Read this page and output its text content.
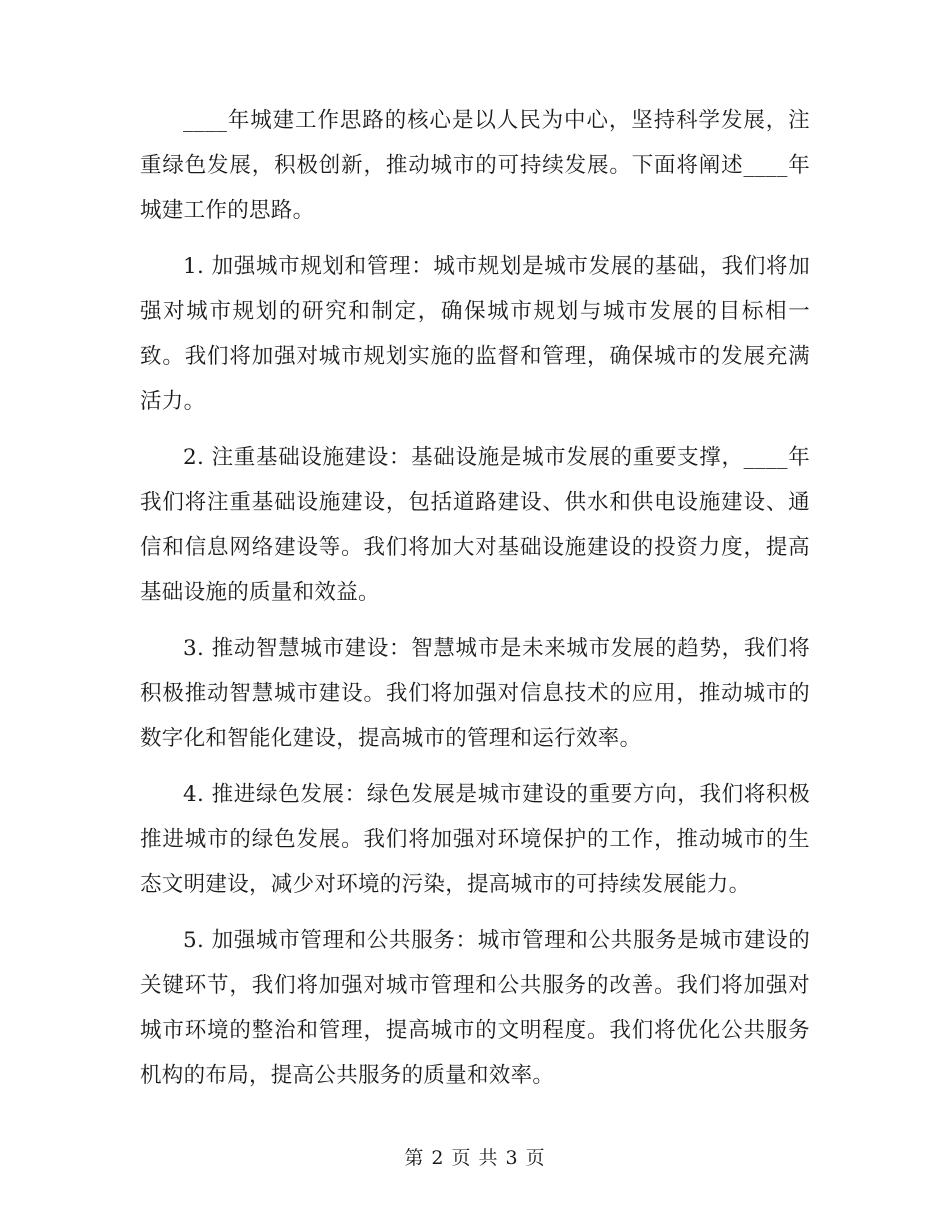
____年城建工作思路的核心是以人民为中心，坚持科学发展，注重绿色发展，积极创新，推动城市的可持续发展。下面将阐述____年城建工作的思路。

1. 加强城市规划和管理：城市规划是城市发展的基础，我们将加强对城市规划的研究和制定，确保城市规划与城市发展的目标相一致。我们将加强对城市规划实施的监督和管理，确保城市的发展充满活力。

2. 注重基础设施建设：基础设施是城市发展的重要支撑，____年我们将注重基础设施建设，包括道路建设、供水和供电设施建设、通信和信息网络建设等。我们将加大对基础设施建设的投资力度，提高基础设施的质量和效益。

3. 推动智慧城市建设：智慧城市是未来城市发展的趋势，我们将积极推动智慧城市建设。我们将加强对信息技术的应用，推动城市的数字化和智能化建设，提高城市的管理和运行效率。

4. 推进绿色发展：绿色发展是城市建设的重要方向，我们将积极推进城市的绿色发展。我们将加强对环境保护的工作，推动城市的生态文明建设，减少对环境的污染，提高城市的可持续发展能力。

5. 加强城市管理和公共服务：城市管理和公共服务是城市建设的关键环节，我们将加强对城市管理和公共服务的改善。我们将加强对城市环境的整治和管理，提高城市的文明程度。我们将优化公共服务机构的布局，提高公共服务的质量和效率。

第 2 页 共 3 页
